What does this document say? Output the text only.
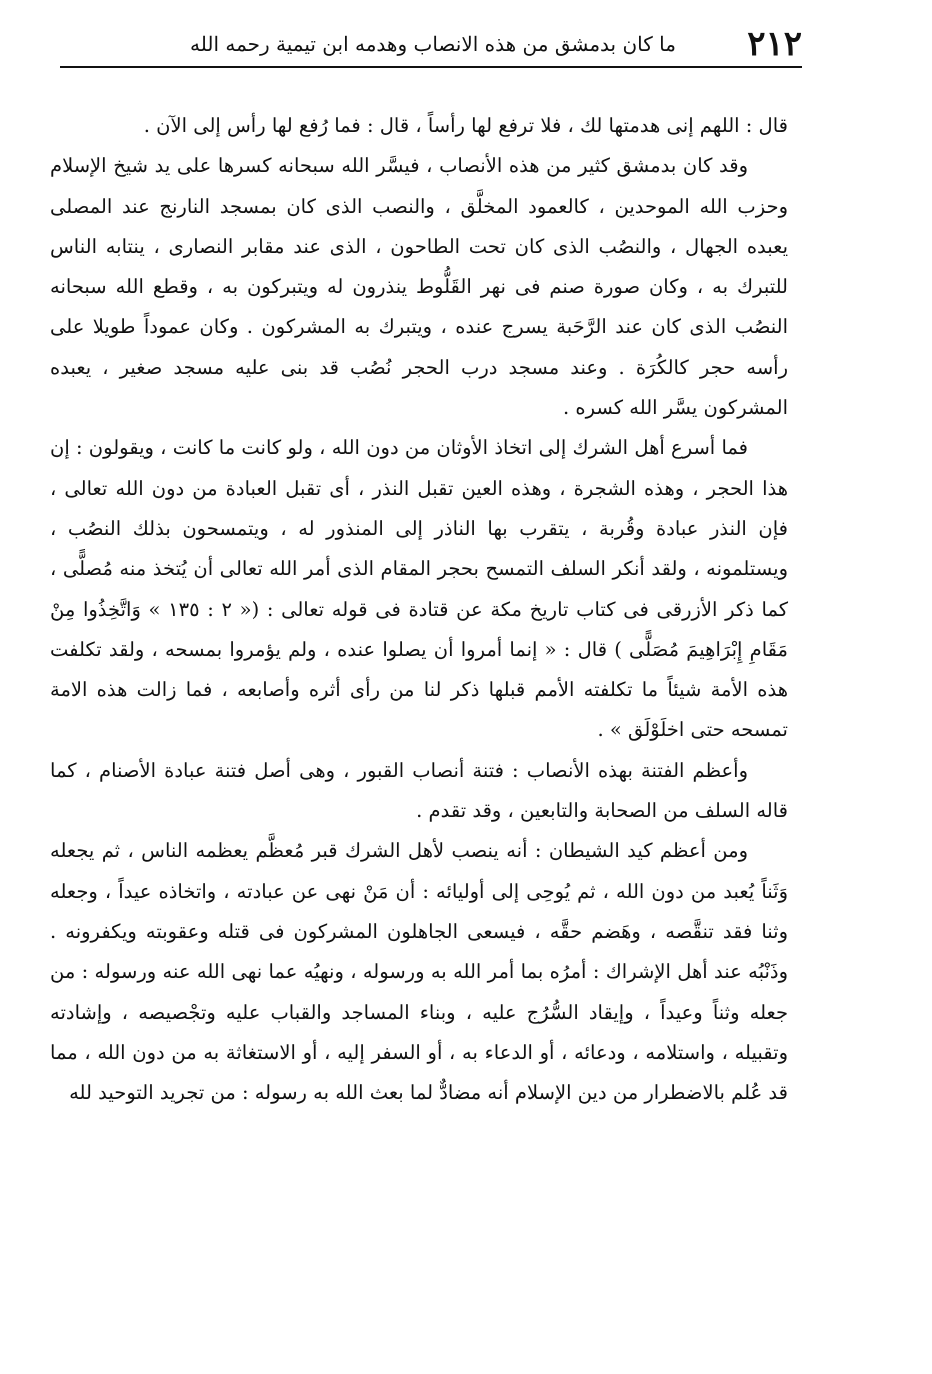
٢١٢
ما كان بدمشق من هذه الانصاب وهدمه ابن تيمية رحمه الله

قال : اللهم إنى هدمتها لك ، فلا ترفع لها رأساً ، قال : فما رُفع لها رأس إلى الآن .

وقد كان بدمشق كثير من هذه الأنصاب ، فيسَّر الله سبحانه كسرها على يد شيخ الإسلام وحزب الله الموحدين ، كالعمود المخلَّق ، والنصب الذى كان بمسجد النارنج عند المصلى يعبده الجهال ، والنصُب الذى كان تحت الطاحون ، الذى عند مقابر النصارى ، ينتابه الناس للتبرك به ، وكان صورة صنم فى نهر القَلُّوط ينذرون له ويتبركون به ، وقطع الله سبحانه النصُب الذى كان عند الرَّحَبة يسرج عنده ، ويتبرك به المشركون . وكان عموداً طويلا على رأسه حجر كالكُرَة . وعند مسجد درب الحجر نُصُب قد بنى عليه مسجد صغير ، يعبده المشركون يسَّر الله كسره .

فما أسرع أهل الشرك إلى اتخاذ الأوثان من دون الله ، ولو كانت ما كانت ، ويقولون : إن هذا الحجر ، وهذه الشجرة ، وهذه العين تقبل النذر ، أى تقبل العبادة من دون الله تعالى ، فإن النذر عبادة وقُربة ، يتقرب بها الناذر إلى المنذور له ، ويتمسحون بذلك النصُب ، ويستلمونه ، ولقد أنكر السلف التمسح بحجر المقام الذى أمر الله تعالى أن يُتخذ منه مُصلًّى ، كما ذكر الأزرقى فى كتاب تاريخ مكة عن قتادة فى قوله تعالى : (« ٢ : ١٣٥ » وَاتَّخِذُوا مِنْ مَقَامِ إِبْرَاهِيمَ مُصَلًّى ) قال : « إنما أمروا أن يصلوا عنده ، ولم يؤمروا بمسحه ، ولقد تكلفت هذه الأمة شيئاً ما تكلفته الأمم قبلها ذكر لنا من رأى أثره وأصابعه ، فما زالت هذه الامة تمسحه حتى اخلَوْلَق » .

وأعظم الفتنة بهذه الأنصاب : فتنة أنصاب القبور ، وهى أصل فتنة عبادة الأصنام ، كما قاله السلف من الصحابة والتابعين ، وقد تقدم .

ومن أعظم كيد الشيطان : أنه ينصب لأهل الشرك قبر مُعظَّم يعظمه الناس ، ثم يجعله وَثَناً يُعبد من دون الله ، ثم يُوحِى إلى أوليائه : أن مَنْ نهى عن عبادته ، واتخاذه عيداً ، وجعله وثنا فقد تنقَّصه ، وهَضم حقَّه ، فيسعى الجاهلون المشركون فى قتله وعقوبته ويكفرونه . وذَنْبُه عند أهل الإشراك : أمرُه بما أمر الله به ورسوله ، ونهيُه عما نهى الله عنه ورسوله : من جعله وثناً وعيداً ، وإيقاد السُّرُج عليه ، وبناء المساجد والقباب عليه وتجْصيصه ، وإشادته وتقبيله ، واستلامه ، ودعائه ، أو الدعاء به ، أو السفر إليه ، أو الاستغاثة به من دون الله ، مما قد عُلم بالاضطرار من دين الإسلام أنه مضادٌّ لما بعث الله به رسوله : من تجريد التوحيد لله
